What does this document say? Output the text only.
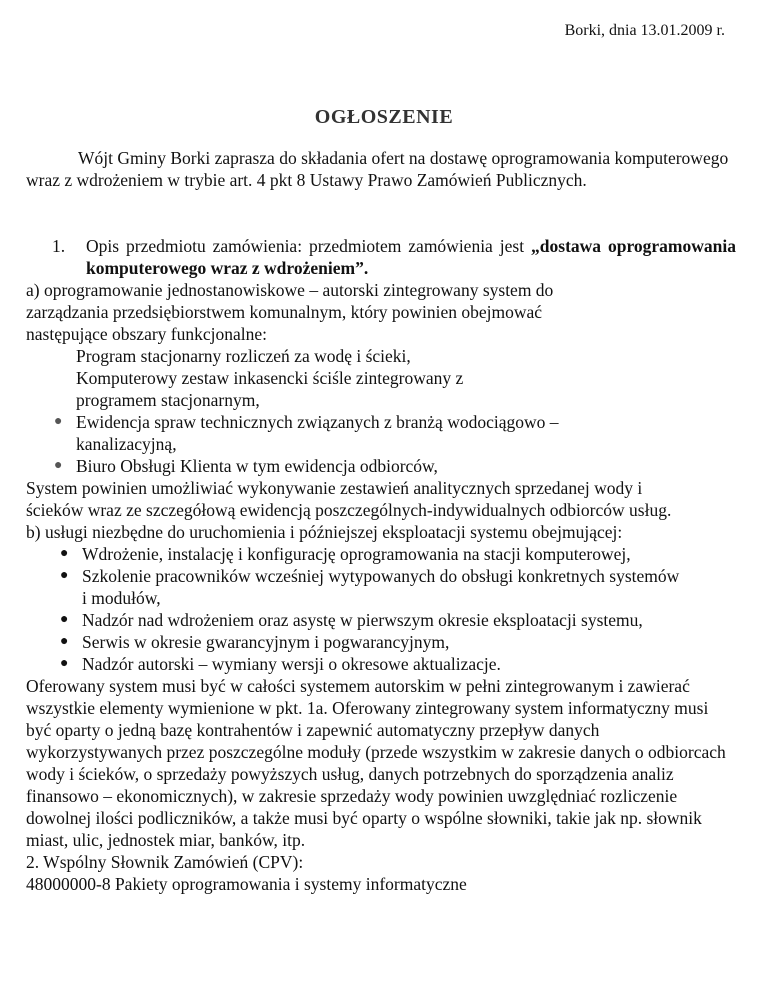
Borki, dnia 13.01.2009 r.
OGŁOSZENIE

Wójt Gminy Borki zaprasza do składania ofert na dostawę oprogramowania komputerowego wraz z wdrożeniem w trybie art. 4 pkt 8 Ustawy Prawo Zamówień Publicznych.

1. Opis przedmiotu zamówienia: przedmiotem zamówienia jest „dostawa oprogramowania komputerowego wraz z wdrożeniem”.

a) oprogramowanie jednostanowiskowe – autorski zintegrowany system do

zarządzania przedsiębiorstwem komunalnym, który powinien obejmować

następujące obszary funkcjonalne:

Program stacjonarny rozliczeń za wodę i ścieki,

Komputerowy zestaw inkasencki ściśle zintegrowany z programem stacjonarnym,

● Ewidencja spraw technicznych związanych z branżą wodociągowo – kanalizacyjną,
● Biuro Obsługi Klienta w tym ewidencja odbiorców,

System powinien umożliwiać wykonywanie zestawień analitycznych sprzedanej wody i ścieków wraz ze szczegółową ewidencją poszczególnych-indywidualnych odbiorców usług.

b) usługi niezbędne do uruchomienia i późniejszej eksploatacji systemu obejmującej:

● Wdrożenie, instalację i konfigurację oprogramowania na stacji komputerowej,
● Szkolenie pracowników wcześniej wytypowanych do obsługi konkretnych systemów i modułów,
● Nadzór nad wdrożeniem oraz asystę w pierwszym okresie eksploatacji systemu,
● Serwis w okresie gwarancyjnym i pogwarancyjnym,
● Nadzór autorski – wymiany wersji o okresowe aktualizacje.

Oferowany system musi być w całości systemem autorskim w pełni zintegrowanym i zawierać wszystkie elementy wymienione w pkt. 1a. Oferowany zintegrowany system informatyczny musi być oparty o jedną bazę kontrahentów i zapewnić automatyczny przepływ danych wykorzystywanych przez poszczególne moduły (przede wszystkim w zakresie danych o odbiorcach wody i ścieków, o sprzedaży powyższych usług, danych potrzebnych do sporządzenia analiz finansowo – ekonomicznych), w zakresie sprzedaży wody powinien uwzględniać rozliczenie dowolnej ilości podliczników, a także musi być oparty o wspólne słowniki, takie jak np. słownik miast, ulic, jednostek miar, banków, itp.

2. Wspólny Słownik Zamówień (CPV):

48000000-8 Pakiety oprogramowania i systemy informatyczne
